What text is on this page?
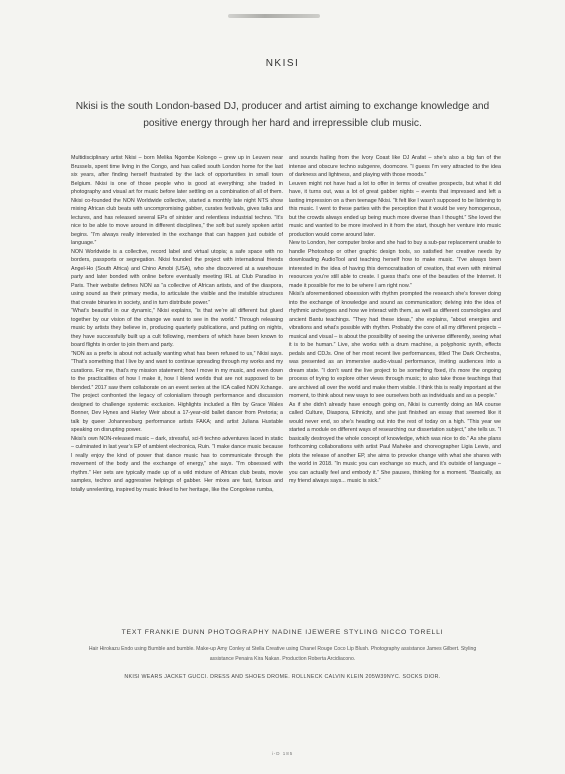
NKISI
Nkisi is the south London-based DJ, producer and artist aiming to exchange knowledge and positive energy through her hard and irrepressible club music.

Multidisciplinary artist Nkisi – born Melika Ngombe Kolongo – grew up in Leuven near Brussels, spent time living in the Congo, and has called south London home for the last six years, after finding herself frustrated by the lack of opportunities in small town Belgium. Nkisi is one of those people who is good at everything; she traded in photography and visual art for music before later settling on a combination of all of them. Nkisi co-founded the NON Worldwide collective, started a monthly late night NTS show mixing African club beats with uncompromising gabber, curates festivals, gives talks and lectures, and has released several EPs of sinister and relentless industrial techno. “It’s nice to be able to move around in different disciplines,” the soft but surely spoken artist begins. “I’m always really interested in the exchange that can happen just outside of language.”

NON Worldwide is a collective, record label and virtual utopia; a safe space with no borders, passports or segregation. Nkisi founded the project with international friends Angel-Ho (South Africa) and Chino Amobi (USA), who she discovered at a warehouse party and later bonded with online before eventually meeting IRL at Club Paradiso in Paris. Their website defines NON as “a collective of African artists, and of the diaspora, using sound as their primary media, to articulate the visible and the invisible structures that create binaries in society, and in turn distribute power.”

“What’s beautiful in our dynamic,” Nkisi explains, “is that we’re all different but glued together by our vision of the change we want to see in the world.” Through releasing music by artists they believe in, producing quarterly publications, and putting on nights, they have successfully built up a cult following, members of which have been known to board flights in order to join them and party.

“NON as a prefix is about not actually wanting what has been refused to us,” Nkisi says. “That’s something that I live by and want to continue spreading through my works and my curations. For me, that’s my mission statement; how I move in my music, and even down to the practicalities of how I make it, how I blend worlds that are not supposed to be blended.” 2017 saw them collaborate on an event series at the ICA called NON Xchange. The project confronted the legacy of colonialism through performance and discussion designed to challenge systemic exclusion. Highlights included a film by Grace Wales Bonner, Dev Hynes and Harley Weir about a 17-year-old ballet dancer from Pretoria; a talk by queer Johannesburg performance artists FAKA; and artist Juliana Huxtable speaking on disrupting power.

Nkisi’s own NON-released music – dark, stressful, sci-fi techno adventures laced in static – culminated in last year’s EP of ambient electronica, Ruin. “I make dance music because I really enjoy the kind of power that dance music has to communicate through the movement of the body and the exchange of energy,” she says. “I’m obsessed with rhythm.” Her sets are typically made up of a wild mixture of African club beats, movie samples, techno and aggressive helpings of gabber. Her mixes are fast, furious and totally unrelenting, inspired by music linked to her heritage, like the Congolese rumba,

and sounds hailing from the Ivory Coast like DJ Arafat – she’s also a big fan of the intense and obscure techno subgenre, doomcore. “I guess I’m very attracted to the idea of darkness and lightness, and playing with those moods.”

Leuven might not have had a lot to offer in terms of creative prospects, but what it did have, it turns out, was a lot of great gabber nights – events that impressed and left a lasting impression on a then teenage Nkisi. “It felt like I wasn’t supposed to be listening to this music. I went to these parties with the perception that it would be very homogenous, but the crowds always ended up being much more diverse than I thought.” She loved the music and wanted to be more involved in it from the start, though her venture into music production would come around later.

New to London, her computer broke and she had to buy a sub-par replacement unable to handle Photoshop or other graphic design tools, so satisfied her creative needs by downloading AudioTool and teaching herself how to make music. “I’ve always been interested in the idea of having this democratisation of creation, that even with minimal resources you’re still able to create. I guess that’s one of the beauties of the Internet. It made it possible for me to be where I am right now.”

Nkisi’s aforementioned obsession with rhythm prompted the research she’s forever doing into the exchange of knowledge and sound as communication; delving into the idea of rhythmic archetypes and how we interact with them, as well as different cosmologies and ancient Bantu teachings. “They had these ideas,” she explains, “about energies and vibrations and what’s possible with rhythm. Probably the core of all my different projects – musical and visual – is about the possibility of seeing the universe differently, seeing what it is to be human.” Live, she works with a drum machine, a polyphonic synth, effects pedals and CDJs. One of her most recent live performances, titled The Dark Orchestra, was presented as an immersive audio-visual performance, inviting audiences into a dream state. “I don’t want the live project to be something fixed, it’s more the ongoing process of trying to explore other views through music; to also take those teachings that are archived all over the world and make them visible. I think this is really important at the moment, to think about new ways to see ourselves both as individuals and as a people.”

As if she didn’t already have enough going on, Nkisi is currently doing an MA course called Culture, Diaspora, Ethnicity, and she just finished an essay that seemed like it would never end, so she’s heading out into the rest of today on a high. “This year we started a module on different ways of researching our dissertation subject,” she tells us. “I basically destroyed the whole concept of knowledge, which was nice to do.” As she plans forthcoming collaborations with artist Paul Maheke and choreographer Ligia Lewis, and plots the release of another EP, she aims to provoke change with what she shares with the world in 2018. “In music you can exchange so much, and it’s outside of language – you can actually feel and embody it.” She pauses, thinking for a moment. “Basically, as my friend always says... music is sick.”

TEXT FRANKIE DUNN PHOTOGRAPHY NADINE IJEWERE STYLING NICCO TORELLI
Hair Hirokazu Endo using Bumble and bumble. Make-up Amy Conley at Stella Creative using Chanel Rouge Coco Lip Blush. Photography assistance James Gilbert. Styling assistance Penaira Kira Nakan. Production Roberta Arcidiacono.
NKISI WEARS JACKET GUCCI. DRESS AND SHOES DROME. ROLLNECK CALVIN KLEIN 205W39NYC. SOCKS DIOR.
i-D 185
